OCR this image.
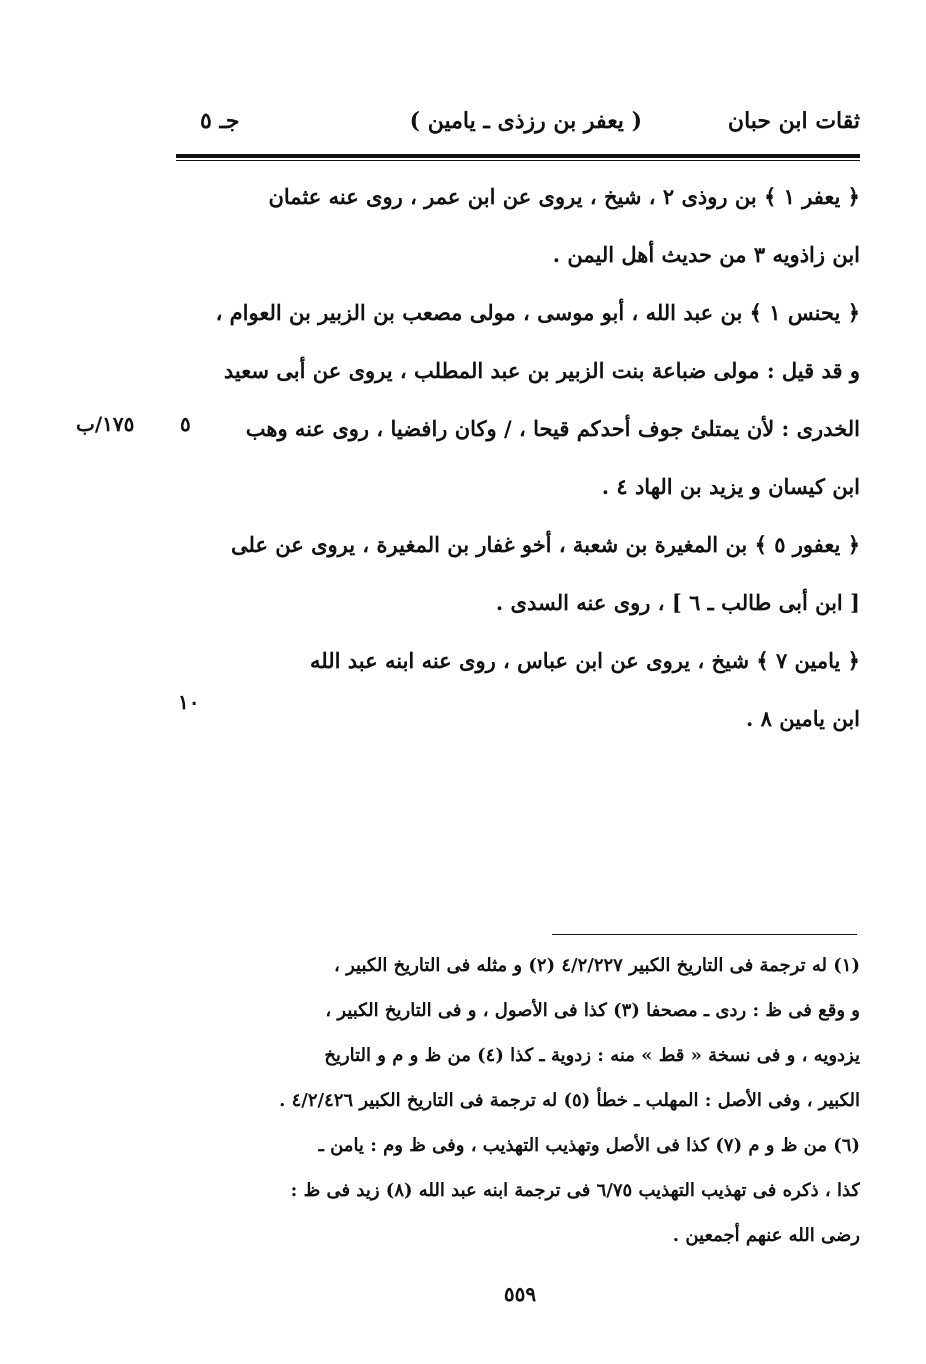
ثقات ابن حبان
( يعفر بن رزذى ـ يامين )
جـ ٥
﴿ يعفر ١ ﴾ بن روذى ٢ ، شيخ ، يروى عن ابن عمر ، روى عنه عثمان
ابن زاذويه ٣ من حديث أهل اليمن .
﴿ يحنس ١ ﴾ بن عبد الله ، أبو موسى ، مولى مصعب بن الزبير بن العوام ،
و قد قيل : مولى ضباعة بنت الزبير بن عبد المطلب ، يروى عن أبى سعيد
الخدرى : لأن يمتلئ جوف أحدكم قيحا ، / وكان رافضيا ، روى عنه وهب
ابن كيسان و يزيد بن الهاد ٤ .
﴿ يعفور ٥ ﴾ بن المغيرة بن شعبة ، أخو غفار بن المغيرة ، يروى عن على
[ ابن أبى طالب ـ ٦ ] ، روى عنه السدى .
﴿ يامين ٧ ﴾ شيخ ، يروى عن ابن عباس ، روى عنه ابنه عبد الله
ابن يامين ٨ .
١٧٥/ب ٥
١٠
(١) له ترجمة فى التاريخ الكبير ٤/٢/٢٢٧ (٢) و مثله فى التاريخ الكبير ،
و وقع فى ظ : ردى ـ مصحفا (٣) كذا فى الأصول ، و فى التاريخ الكبير ،
يزدويه ، و فى نسخة « قط » منه : زدوية ـ كذا (٤) من ظ و م و التاريخ
الكبير ، وفى الأصل : المهلب ـ خطأ (٥) له ترجمة فى التاريخ الكبير ٤/٢/٤٢٦ .
(٦) من ظ و م (٧) كذا فى الأصل وتهذيب التهذيب ، وفى ظ وم : يامن ـ
كذا ، ذكره فى تهذيب التهذيب ٦/٧٥ فى ترجمة ابنه عبد الله (٨) زيد فى ظ :
رضى الله عنهم أجمعين .
٥٥٩
